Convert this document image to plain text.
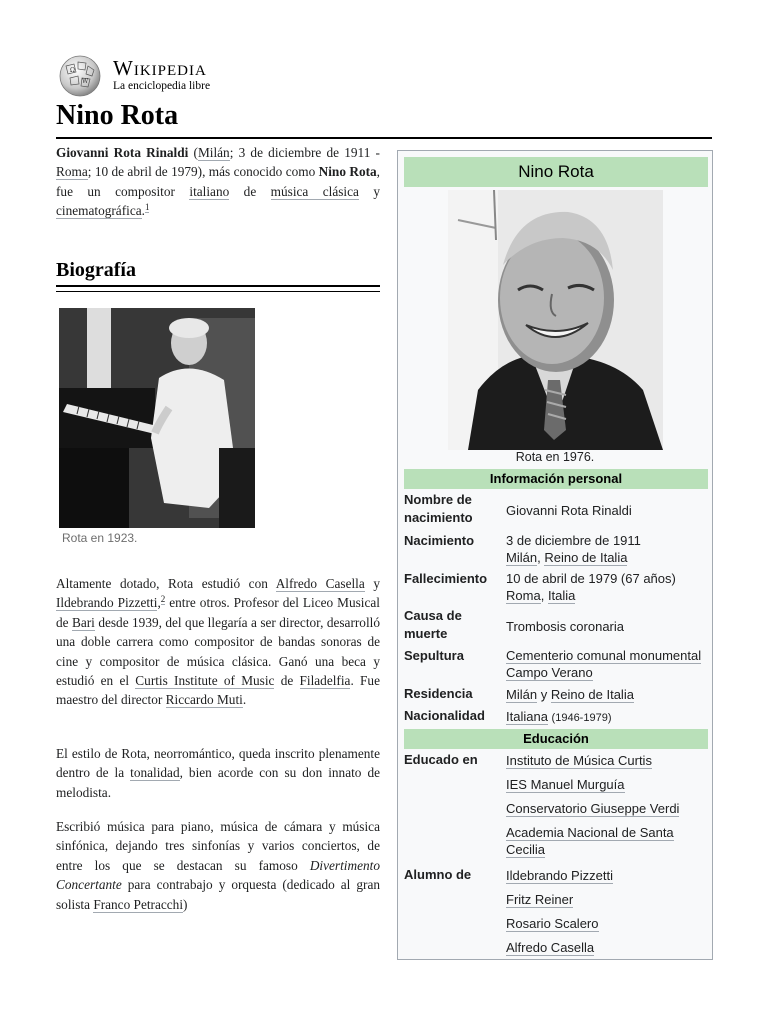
Ω
W
Wikipedia
La enciclopedia libre
Nino Rota

Giovanni Rota Rinaldi (Milán; 3 de diciembre de 1911 - Roma; 10 de abril de 1979), más conocido como Nino Rota, fue un compositor italiano de música clásica y cinematográfica.$^1$

Biografía
Rota en 1923.

Altamente dotado, Rota estudió con Alfredo Casella y Ildebrando Pizzetti,$^2$ entre otros. Profesor del Liceo Musical de Bari desde 1939, del que llegaría a ser director, desarrolló una doble carrera como compositor de bandas sonoras de cine y compositor de música clásica. Ganó una beca y estudió en el Curtis Institute of Music de Filadelfia. Fue maestro del director Riccardo Muti.

El estilo de Rota, neorromántico, queda inscrito plenamente dentro de la tonalidad, bien acorde con su don innato de melodista.

Escribió música para piano, música de cámara y música sinfónica, dejando tres sinfonías y varios conciertos, de entre los que se destacan su famoso Divertimento Concertante para contrabajo y orquesta (dedicado al gran solista Franco Petracchi)

Nino Rota
Rota en 1976.
Información personal
Nombre de nacimiento	Giovanni Rota Rinaldi
Nacimiento	3 de diciembre de 1911
Milán, Reino de Italia
Fallecimiento	10 de abril de 1979 (67 años)
Roma, Italia
Causa de muerte	Trombosis coronaria
Sepultura	Cementerio comunal monumental Campo Verano
Residencia	Milán y Reino de Italia
Nacionalidad	Italiana (1946-1979)
Educación
Educado en	Instituto de Música Curtis
IES Manuel Murguía
Conservatorio Giuseppe Verdi
Academia Nacional de Santa Cecilia
Alumno de	Ildebrando Pizzetti
Fritz Reiner
Rosario Scalero
Alfredo Casella
